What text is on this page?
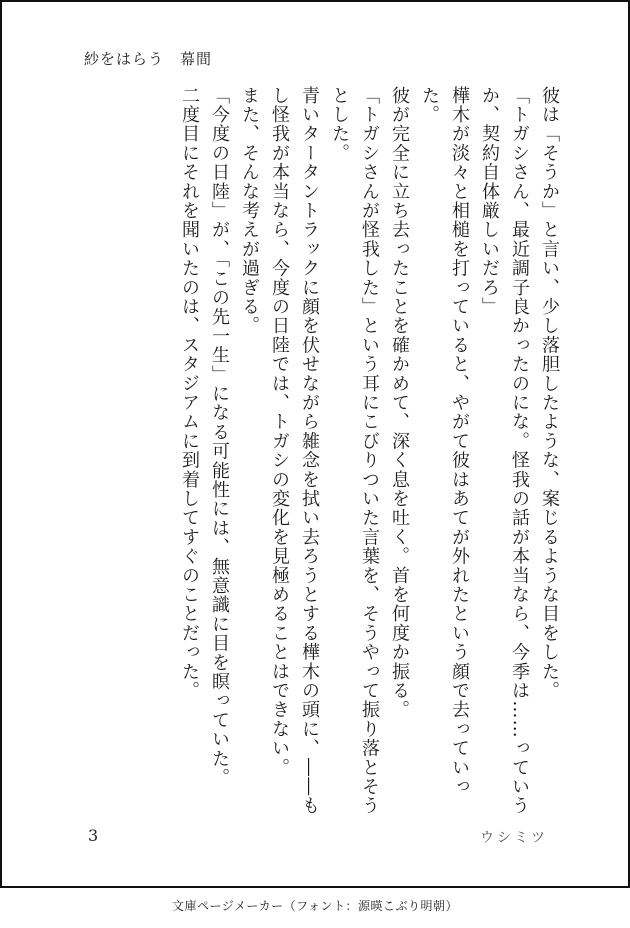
紗をはらう　幕間

彼は「そうか」と言い、少し落胆したような、案じるような目をした。

「トガシさん、最近調子良かったのにな。怪我の話が本当なら、今季は……っていうか、契約自体厳しいだろ」

樺木が淡々と相槌を打っていると、やがて彼はあてが外れたという顔で去っていった。

彼が完全に立ち去ったことを確かめて、深く息を吐く。首を何度か振る。

「トガシさんが怪我した」という耳にこびりついた言葉を、そうやって振り落とそうとした。

青いタータントラックに顔を伏せながら雑念を拭い去ろうとする樺木の頭に、――もし怪我が本当なら、今度の日陸では、トガシの変化を見極めることはできない。

また、そんな考えが過ぎる。

「今度の日陸」が、「この先一生」になる可能性には、無意識に目を瞑っていた。

二度目にそれを聞いたのは、スタジアムに到着してすぐのことだった。

3	ウシミツ
文庫ページメーカー（フォント：源暎こぶり明朝）
